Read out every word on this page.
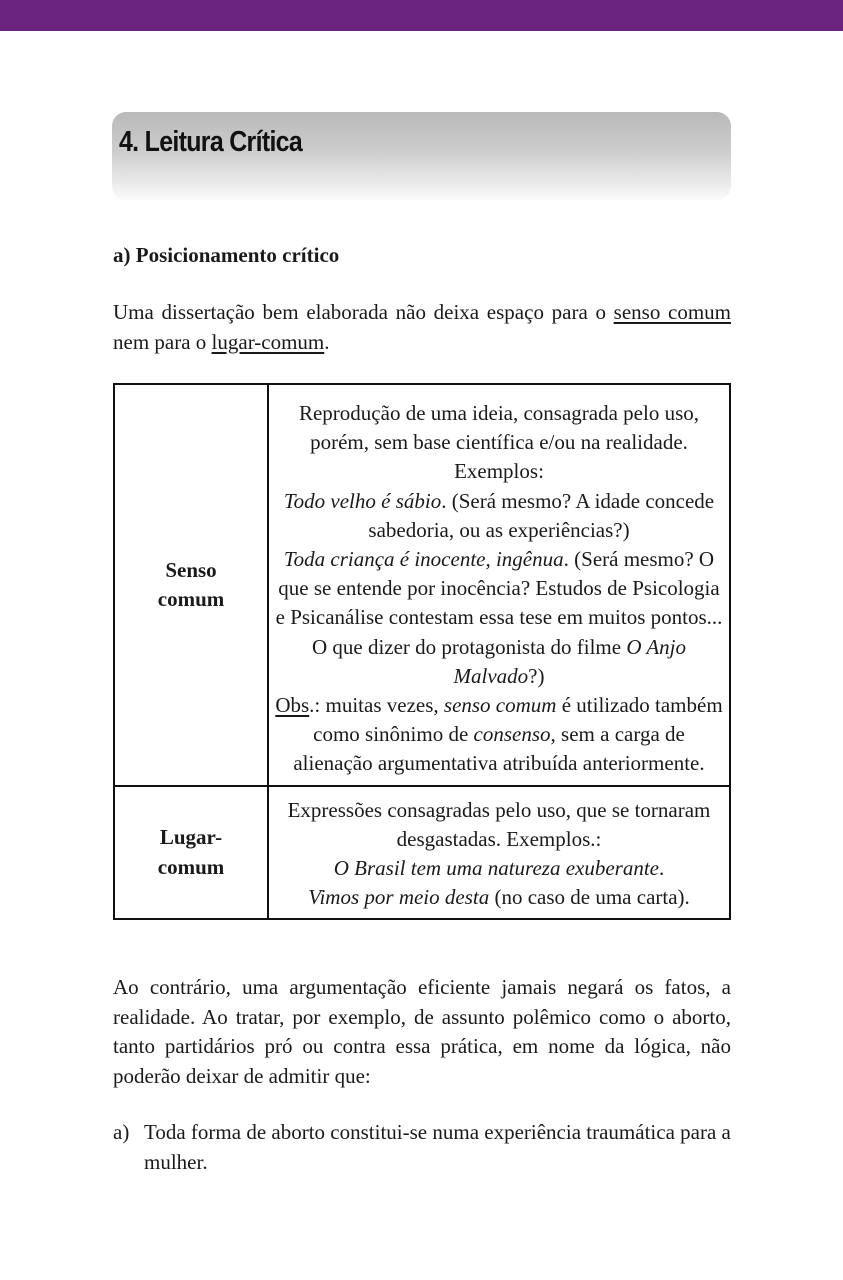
4. Leitura Crítica
a) Posicionamento crítico

Uma dissertação bem elaborada não deixa espaço para o senso comum nem para o lugar-comum.

Senso
comum	Reprodução de uma ideia, consagrada pelo uso, porém, sem base científica e/ou na realidade.
Exemplos:
Todo velho é sábio. (Será mesmo? A idade concede sabedoria, ou as experiências?)
Toda criança é inocente, ingênua. (Será mesmo? O que se entende por inocência? Estudos de Psicologia e Psicanálise contestam essa tese em muitos pontos... O que dizer do protagonista do filme O Anjo Malvado?)
Obs.: muitas vezes, senso comum é utilizado também como sinônimo de consenso, sem a carga de alienação argumentativa atribuída anteriormente.
Lugar-
comum	Expressões consagradas pelo uso, que se tornaram desgastadas. Exemplos.:
O Brasil tem uma natureza exuberante.
Vimos por meio desta (no caso de uma carta).

Ao contrário, uma argumentação eficiente jamais negará os fatos, a realidade. Ao tratar, por exemplo, de assunto polêmico como o aborto, tanto partidários pró ou contra essa prática, em nome da lógica, não poderão deixar de admitir que:

a) Toda forma de aborto constitui-se numa experiência traumática para a mulher.
